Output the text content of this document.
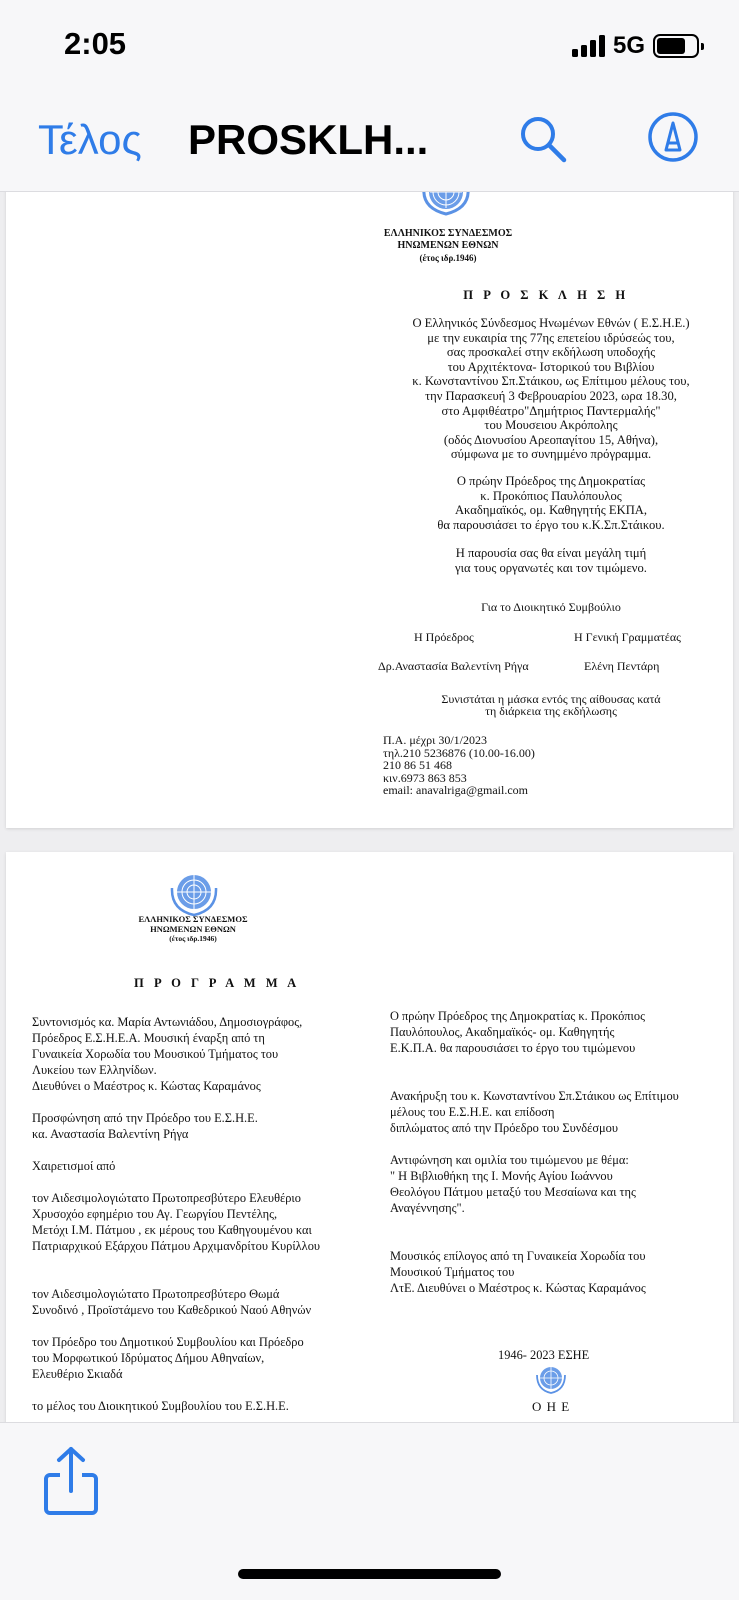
2:05	5G
Τέλος PROSKLH...
ΕΛΛΗΝΙΚΟΣ ΣΥΝΔΕΣΜΟΣ
ΗΝΩΜΕΝΩΝ ΕΘΝΩΝ
(έτος ιδρ.1946)
Π Ρ Ο Σ Κ Λ Η Σ Η
Ο Ελληνικός Σύνδεσμος Ηνωμένων Εθνών ( Ε.Σ.Η.Ε.)
με την ευκαιρία της 77ης επετείου ιδρύσεώς του,
σας προσκαλεί στην εκδήλωση υποδοχής
του Αρχιτέκτονα- Ιστορικού του Βιβλίου
κ. Κωνσταντίνου Σπ.Στάικου, ως Επίτιμου μέλους του,
την Παρασκευή 3 Φεβρουαρίου 2023, ωρα 18.30,
στο Αμφιθέατρο"Δημήτριος Παντερμαλής"
του Μουσειου Ακρόπολης
(οδός Διονυσίου Αρεοπαγίτου 15, Αθήνα),
σύμφωνα με το συνημμένο πρόγραμμα.
Ο πρώην Πρόεδρος της Δημοκρατίας
κ. Προκόπιος Παυλόπουλος
Ακαδημαϊκός, ομ. Καθηγητής ΕΚΠΑ,
θα παρουσιάσει το έργο του κ.Κ.Σπ.Στάικου.
Η παρουσία σας θα είναι μεγάλη τιμή
για τους οργανωτές και τον τιμώμενο.
Για το Διοικητικό Συμβούλιο
Η Πρόεδρος	Η Γενική Γραμματέας
Δρ.Αναστασία Βαλεντίνη Ρήγα	Ελένη Πεντάρη
Συνιστάται η μάσκα εντός της αίθουσας κατά
τη διάρκεια της εκδήλωσης
Π.Α. μέχρι 30/1/2023
τηλ.210 5236876 (10.00-16.00)
210 86 51 468
κιν.6973 863 853
email: anavalriga@gmail.com
ΕΛΛΗΝΙΚΟΣ ΣΥΝΔΕΣΜΟΣ
ΗΝΩΜΕΝΩΝ ΕΘΝΩΝ
(έτος ιδρ.1946)
Π Ρ Ο Γ Ρ Α Μ Μ Α
Συντονισμός κα. Μαρία Αντωνιάδου, Δημοσιογράφος,
Πρόεδρος Ε.Σ.Η.Ε.Α. Μουσική έναρξη από τη
Γυναικεία Χορωδία του Μουσικού Τμήματος του
Λυκείου των Ελληνίδων.
Διευθύνει ο Μαέστρος κ. Κώστας Καραμάνος
Προσφώνηση από την Πρόεδρο του Ε.Σ.Η.Ε.
κα. Αναστασία Βαλεντίνη Ρήγα
Χαιρετισμοί από
τον Αιδεσιμολογιώτατο Πρωτοπρεσβύτερο Ελευθέριο
Χρυσοχόο εφημέριο του Αγ. Γεωργίου Πεντέλης,
Μετόχι Ι.Μ. Πάτμου , εκ μέρους του Καθηγουμένου και
Πατριαρχικού Εξάρχου Πάτμου Αρχιμανδρίτου Κυρίλλου
τον Αιδεσιμολογιώτατο Πρωτοπρεσβύτερο Θωμά
Συνοδινό , Προϊστάμενο του Καθεδρικού Ναού Αθηνών
τον Πρόεδρο του Δημοτικού Συμβουλίου και Πρόεδρο
του Μορφωτικού Ιδρύματος Δήμου Αθηναίων,
Ελευθέριο Σκιαδά
το μέλος του Διοικητικού Συμβουλίου του Ε.Σ.Η.Ε.
Ο πρώην Πρόεδρος της Δημοκρατίας κ. Προκόπιος
Παυλόπουλος, Ακαδημαϊκός- ομ. Καθηγητής
Ε.Κ.Π.Α. θα παρουσιάσει το έργο του τιμώμενου
Ανακήρυξη του κ. Κωνσταντίνου Σπ.Στάικου ως Επίτιμου
μέλους του Ε.Σ.Η.Ε. και επίδοση
διπλώματος από την Πρόεδρο του Συνδέσμου
Αντιφώνηση και ομιλία του τιμώμενου με θέμα:
" Η Βιβλιοθήκη της Ι. Μονής Αγίου Ιωάννου
Θεολόγου Πάτμου μεταξύ του Μεσαίωνα και της
Αναγέννησης".
Μουσικός επίλογος από τη Γυναικεία Χορωδία του
Μουσικού Τμήματος του
ΛτΕ. Διευθύνει ο Μαέστρος κ. Κώστας Καραμάνος
1946- 2023 ΕΣΗΕ
Ο Η Ε
